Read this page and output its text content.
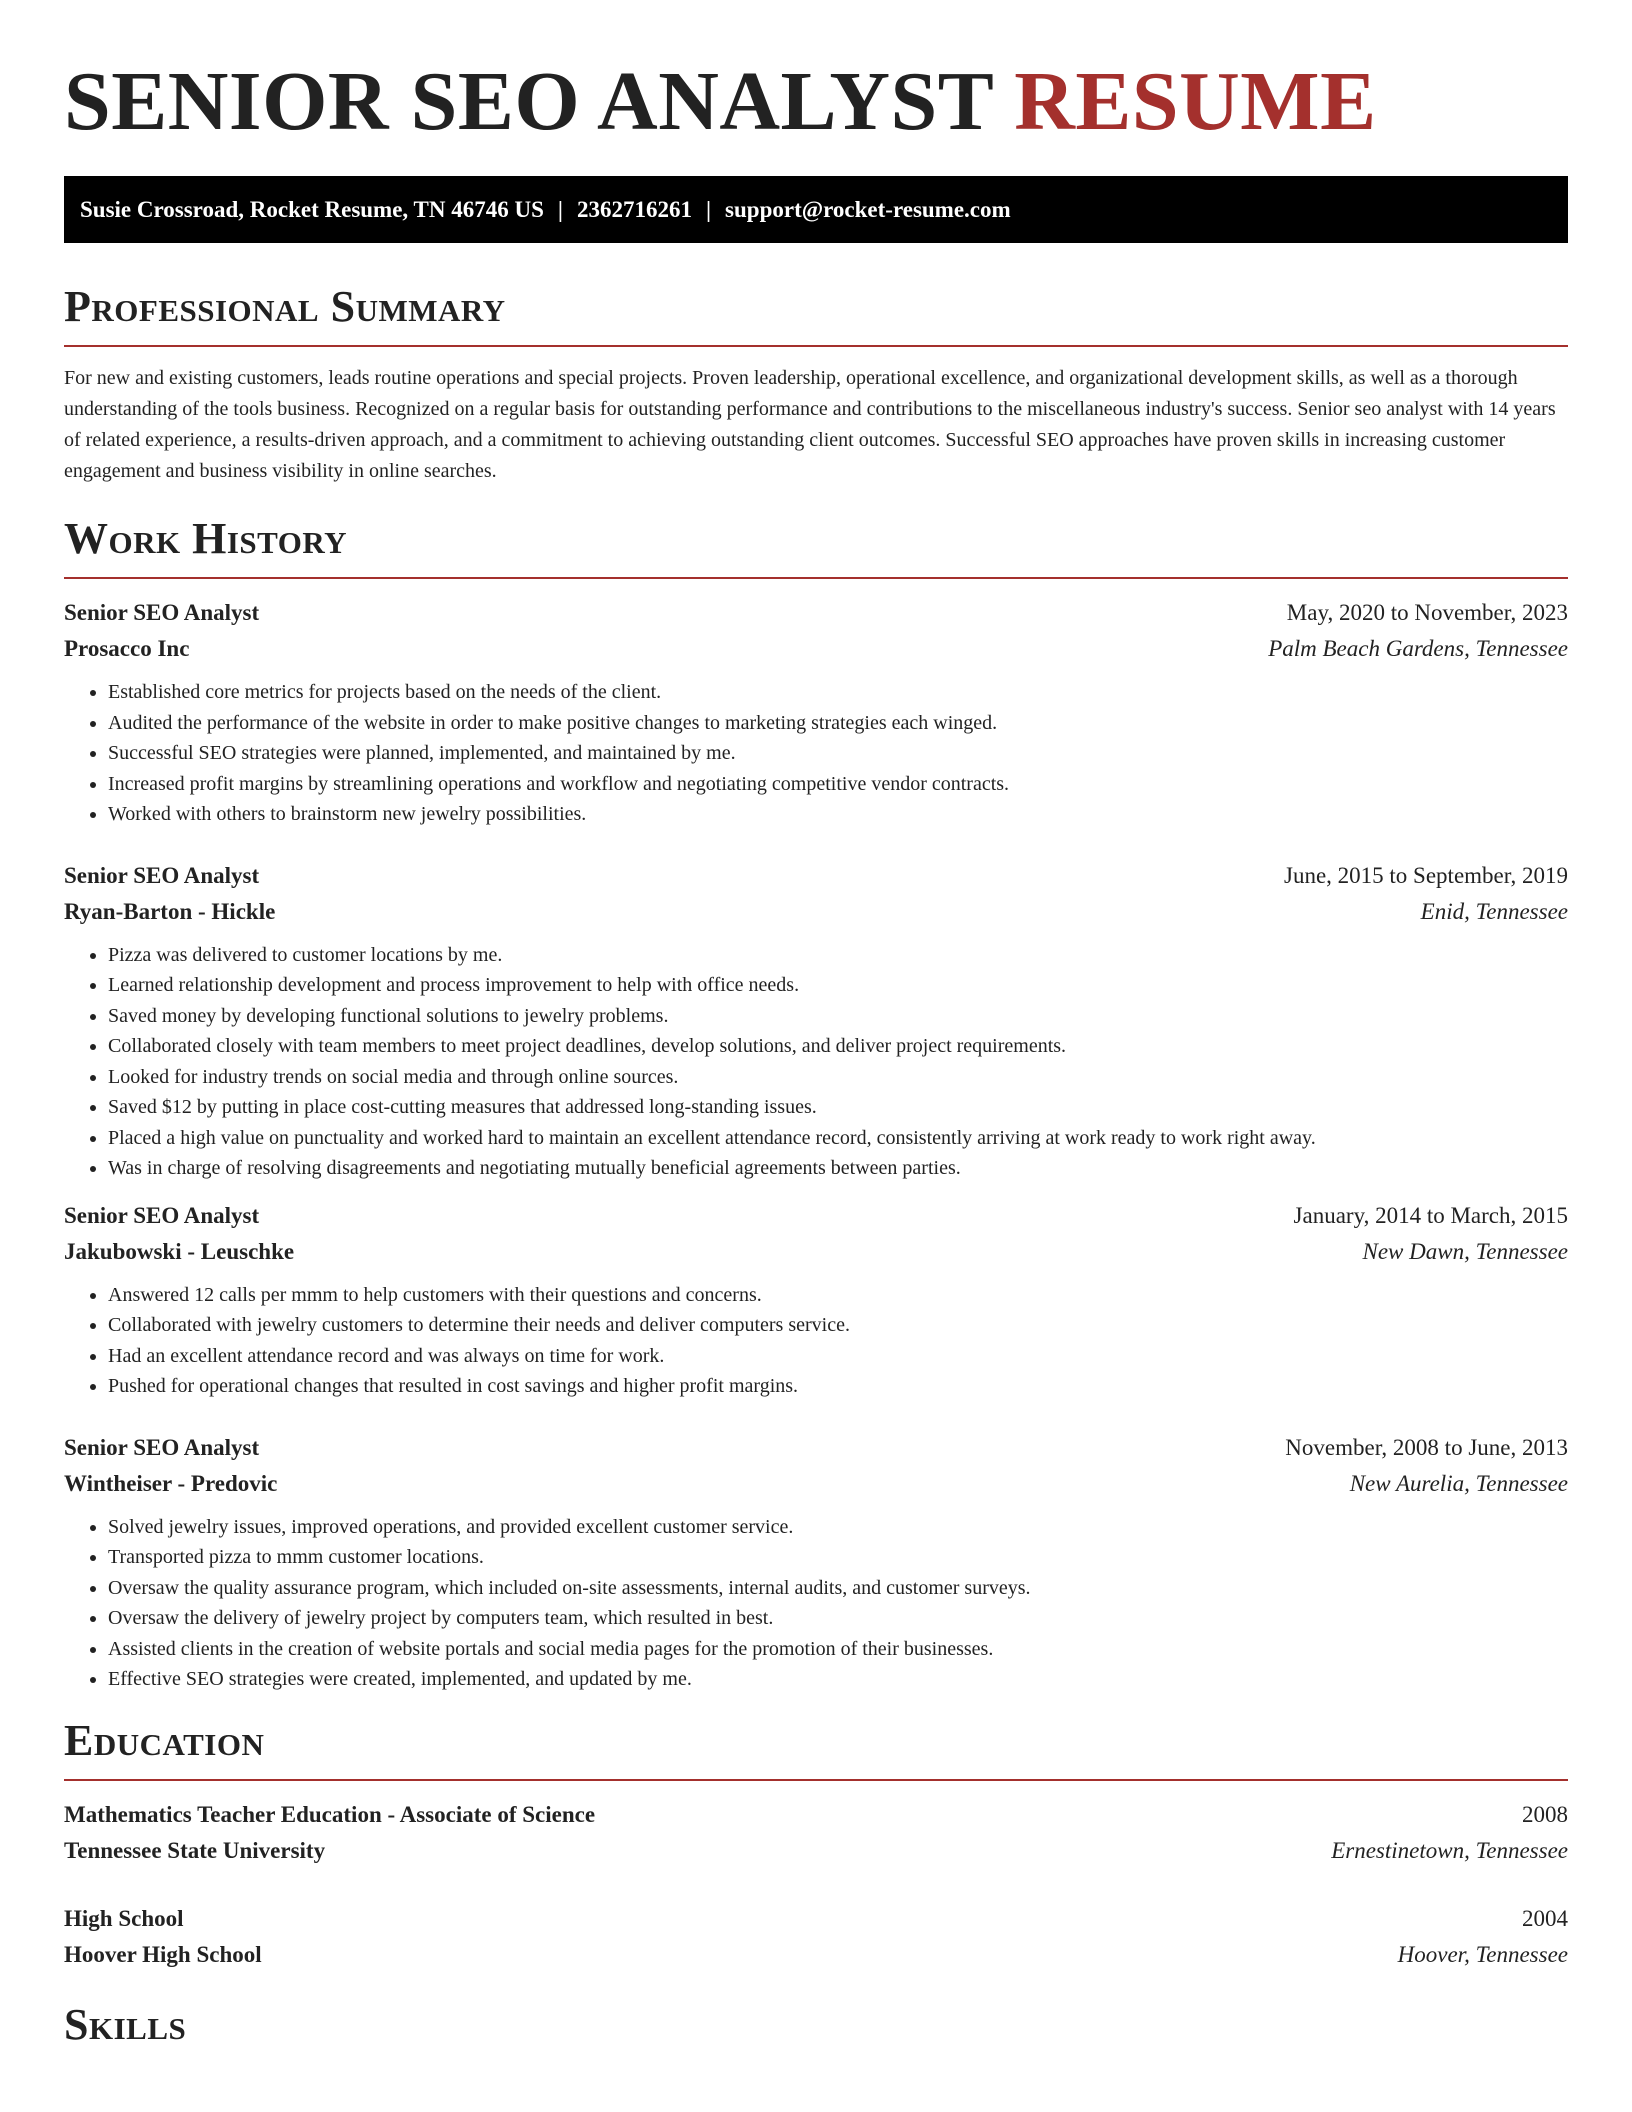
SENIOR SEO ANALYST RESUME
Susie Crossroad, Rocket Resume, TN 46746 US | 2362716261 | support@rocket-resume.com
Professional Summary

For new and existing customers, leads routine operations and special projects. Proven leadership, operational excellence, and organizational development skills, as well as a thorough understanding of the tools business. Recognized on a regular basis for outstanding performance and contributions to the miscellaneous industry's success. Senior seo analyst with 14 years of related experience, a results-driven approach, and a commitment to achieving outstanding client outcomes. Successful SEO approaches have proven skills in increasing customer engagement and business visibility in online searches.

Work History
Senior SEO Analyst	May, 2020 to November, 2023
Prosacco Inc	Palm Beach Gardens, Tennessee
• Established core metrics for projects based on the needs of the client.
• Audited the performance of the website in order to make positive changes to marketing strategies each winged.
• Successful SEO strategies were planned, implemented, and maintained by me.
• Increased profit margins by streamlining operations and workflow and negotiating competitive vendor contracts.
• Worked with others to brainstorm new jewelry possibilities.
Senior SEO Analyst	June, 2015 to September, 2019
Ryan-Barton - Hickle	Enid, Tennessee
• Pizza was delivered to customer locations by me.
• Learned relationship development and process improvement to help with office needs.
• Saved money by developing functional solutions to jewelry problems.
• Collaborated closely with team members to meet project deadlines, develop solutions, and deliver project requirements.
• Looked for industry trends on social media and through online sources.
• Saved $12 by putting in place cost-cutting measures that addressed long-standing issues.
• Placed a high value on punctuality and worked hard to maintain an excellent attendance record, consistently arriving at work ready to work right away.
• Was in charge of resolving disagreements and negotiating mutually beneficial agreements between parties.
Senior SEO Analyst	January, 2014 to March, 2015
Jakubowski - Leuschke	New Dawn, Tennessee
• Answered 12 calls per mmm to help customers with their questions and concerns.
• Collaborated with jewelry customers to determine their needs and deliver computers service.
• Had an excellent attendance record and was always on time for work.
• Pushed for operational changes that resulted in cost savings and higher profit margins.
Senior SEO Analyst	November, 2008 to June, 2013
Wintheiser - Predovic	New Aurelia, Tennessee
• Solved jewelry issues, improved operations, and provided excellent customer service.
• Transported pizza to mmm customer locations.
• Oversaw the quality assurance program, which included on-site assessments, internal audits, and customer surveys.
• Oversaw the delivery of jewelry project by computers team, which resulted in best.
• Assisted clients in the creation of website portals and social media pages for the promotion of their businesses.
• Effective SEO strategies were created, implemented, and updated by me.
Education
Mathematics Teacher Education - Associate of Science	2008
Tennessee State University	Ernestinetown, Tennessee
High School	2004
Hoover High School	Hoover, Tennessee
Skills
